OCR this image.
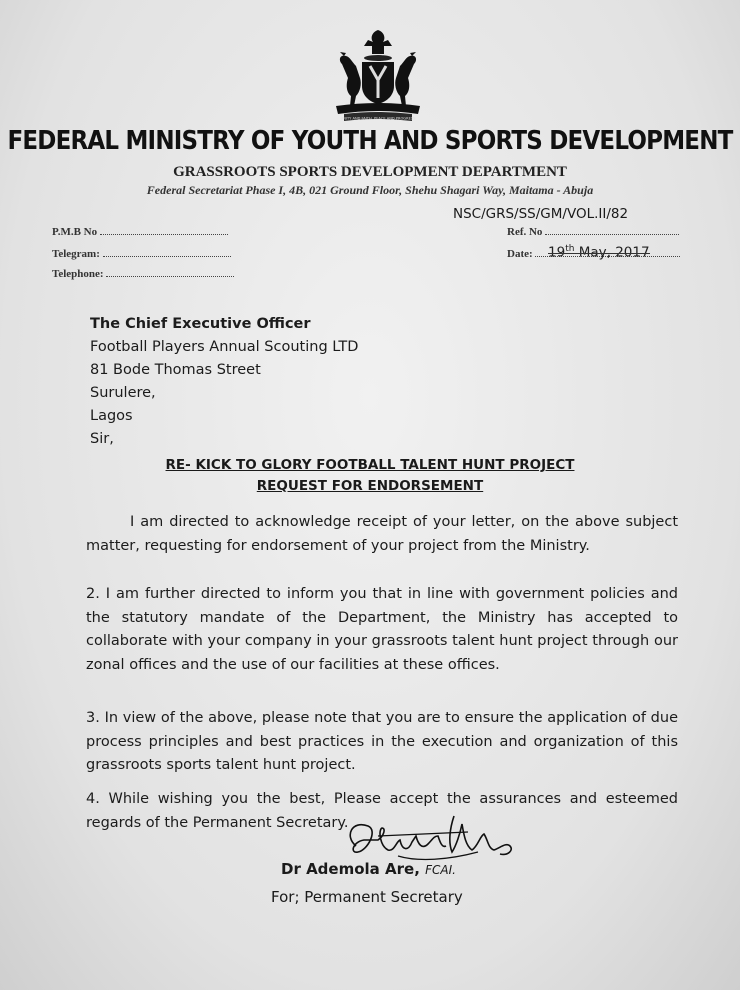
UNITY AND FAITH, PEACE AND PROGRESS
FEDERAL MINISTRY OF YOUTH AND SPORTS DEVELOPMENT
GRASSROOTS SPORTS DEVELOPMENT DEPARTMENT
Federal Secretariat Phase I, 4B, 021 Ground Floor, Shehu Shagari Way, Maitama - Abuja
P.M.B No
Telegram:
Telephone:
NSC/GRS/SS/GM/VOL.II/82
Ref. No
Date:	19th May, 2017
The Chief Executive Officer
Football Players Annual Scouting LTD
81 Bode Thomas Street
Surulere,
Lagos
Sir,
RE- KICK TO GLORY FOOTBALL TALENT HUNT PROJECT
REQUEST FOR ENDORSEMENT
I am directed to acknowledge receipt of your letter, on the above subject matter, requesting for endorsement of your project from the Ministry.
2. I am further directed to inform you that in line with government policies and the statutory mandate of the Department, the Ministry has accepted to collaborate with your company in your grassroots talent hunt project through our zonal offices and the use of our facilities at these offices.
3. In view of the above, please note that you are to ensure the application of due process principles and best practices in the execution and organization of this grassroots sports talent hunt project.
4. While wishing you the best, Please accept the assurances and esteemed regards of the Permanent Secretary.
Dr Ademola Are, FCAI.
For; Permanent Secretary
